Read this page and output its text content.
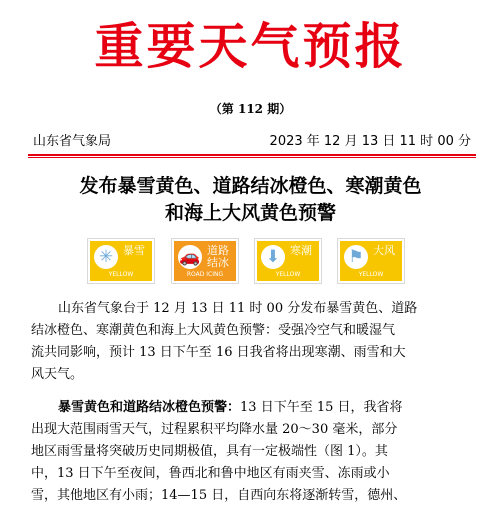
重要天气预报
（第 112 期）
山东省气象局	2023 年 12 月 13 日 11 时 00 分
发布暴雪黄色、道路结冰橙色、寒潮黄色
和海上大风黄色预警
✳ 暴雪
YELLOW
🚗 道路结冰
ROAD ICING
⬇ 寒潮
YELLOW
⚑ 大风
YELLOW
山东省气象台于 12 月 13 日 11 时 00 分发布暴雪黄色、道路
结冰橙色、寒潮黄色和海上大风黄色预警：受强冷空气和暖湿气
流共同影响，预计 13 日下午至 16 日我省将出现寒潮、雨雪和大
风天气。
暴雪黄色和道路结冰橙色预警：13 日下午至 15 日，我省将
出现大范围雨雪天气，过程累积平均降水量 20～30 毫米，部分
地区雨雪量将突破历史同期极值，具有一定极端性（图 1）。其
中，13 日下午至夜间，鲁西北和鲁中地区有雨夹雪、冻雨或小
雪，其他地区有小雨；14—15 日，自西向东将逐渐转雪，德州、
